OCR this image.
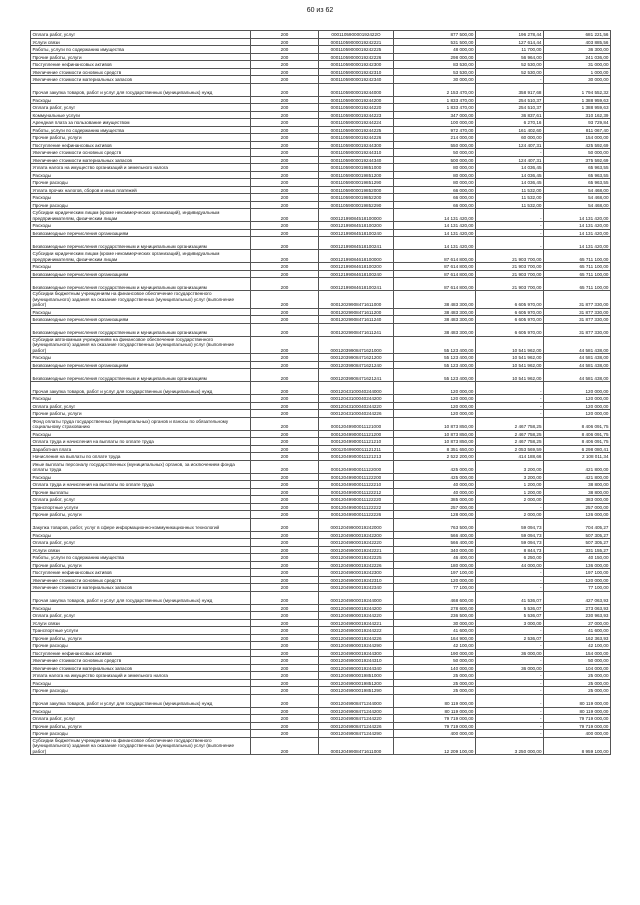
60 из 62
Оплата работ, услуг	200	000110590000192422О	877 500,00	196 278,44	681 221,56
Услуги связи	200	00011059000019242221	531 500,00	127 614,44	403 885,56
Работы, услуги по содержанию имущества	200	00011059000019242225	48 000,00	11 700,00	36 300,00
Прочие работы, услуги	200	00011059000019242226	298 000,00	56 964,00	241 036,00
Поступление нефинансовых активов	200	00011059000019242300	83 530,00	52 530,00	31 000,00
Увеличение стоимости основных средств	200	00011059000019242310	53 530,00	52 530,00	1 000,00
Увеличение стоимости материальных запасов	200	00011059000019242340	30 000,00	-	30 000,00
Прочая закупка товаров, работ и услуг для государственных (муниципальных) нужд	200	00011059000019244000	2 153 470,00	358 917,68	1 794 552,32
Расходы	200	00011059000019244200	1 833 470,00	254 510,37	1 388 959,63
Оплата работ, услуг	200	00011059000019244220	1 833 470,00	254 510,37	1 388 959,63
Коммунальные услуги	200	00011059000019244223	347 000,00	36 837,61	310 162,39
Арендная плата за пользование имуществом	200	00011059000019244224	100 000,00	6 270,16	93 729,84
Работы, услуги по содержанию имущества	200	00011059000019244225	972 470,00	161 402,60	811 067,40
Прочие работы, услуги	200	00011059000019244226	214 000,00	60 000,00	154 000,00
Поступление нефинансовых активов	200	00011059000019244300	550 000,00	124 407,31	425 592,69
Увеличение стоимости основных средств	200	00011059000019244310	50 000,00	-	50 000,00
Увеличение стоимости материальных запасов	200	00011059000019244340	500 000,00	124 407,31	375 592,69
Уплата налога на имущество организаций и земельного налога	200	00011059000019851000	80 000,00	14 036,45	65 963,55
Расходы	200	00011059000019851200	80 000,00	14 036,45	65 963,55
Прочие расходы	200	00011059000019851290	80 000,00	14 036,45	65 963,55
Уплата прочих налогов, сборов и иных платежей	200	00011059000019852000	66 000,00	11 532,00	54 468,00
Расходы	200	00011059000019852200	66 000,00	11 532,00	54 468,00
Прочие расходы	200	00011059000019852290	66 000,00	11 532,00	54 468,00
Субсидии юридическим лицам (кроме некоммерческих организаций), индивидуальным предпринимателям, физическим лицам	200	00012199084518100000	14 131 420,00	-	14 131 420,00
Расходы	200	00012199084518100200	14 131 420,00	-	14 131 420,00
Безвозмездные перечисления организациям	200	00012199084518100240	14 131 420,00	-	14 131 420,00
Безвозмездные перечисления государственным и муниципальным организациям	200	00012199084518100241	14 131 420,00	-	14 131 420,00
Субсидии юридическим лицам (кроме некоммерческих организаций), индивидуальным предпринимателям, физическим лицам	200	00012199084618100000	87 614 800,00	21 903 700,00	65 711 100,00
Расходы	200	00012199084618100200	87 614 800,00	21 903 700,00	65 711 100,00
Безвозмездные перечисления организациям	200	00012199084618100240	87 614 800,00	21 903 700,00	65 711 100,00
Безвозмездные перечисления государственным и муниципальным организациям	200	00012199084618100241	87 614 800,00	21 903 700,00	65 711 100,00
Субсидии бюджетным учреждениям на финансовое обеспечение государственного (муниципального) задания на оказание государственных (муниципальных) услуг (выполнение работ)	200	00012029908471611000	38 483 300,00	6 605 970,00	31 877 330,00
Расходы	200	00012029908471611200	38 483 300,00	6 605 970,00	31 877 330,00
Безвозмездные перечисления организациям	200	00012029908471611240	38 483 300,00	6 605 970,00	31 877 330,00
Безвозмездные перечисления государственным и муниципальным организациям	200	00012029908471611241	38 483 300,00	6 605 970,00	31 877 330,00
Субсидии автономным учреждениям на финансовое обеспечение государственного (муниципального) задания на оказание государственных (муниципальных) услуг (выполнение работ)	200	00012039908471621000	55 123 400,00	10 541 962,00	44 581 438,00
Расходы	200	00012039908471621200	55 123 400,00	10 541 962,00	44 581 438,00
Безвозмездные перечисления организациям	200	00012039908471621240	55 123 400,00	10 541 962,00	44 581 438,00
Безвозмездные перечисления государственным и муниципальным организациям	200	00012039908471621241	55 123 400,00	10 541 962,00	44 581 438,00
Прочая закупка товаров, работ и услуг для государственных (муниципальных) нужд	200	00012043100040244000	120 000,00	-	120 000,00
Расходы	200	00012043100040244200	120 000,00	-	120 000,00
Оплата работ, услуг	200	00012043100040244220	120 000,00	-	120 000,00
Прочие работы, услуги	200	00012043100040244226	120 000,00	-	120 000,00
Фонд оплаты труда государственных (муниципальных) органов и взносы по обязательному социальному страхованию	200	00012049900011121000	10 873 850,00	2 467 758,25	8 406 091,75
Расходы	200	00012049900011121200	10 873 850,00	2 467 758,25	8 406 091,75
Оплата труда и начисления на выплаты по оплате труда	200	00012049900011121210	10 873 850,00	2 467 758,25	8 406 091,75
Заработная плата	200	00012049900011121211	8 351 650,00	2 053 569,59	6 298 080,41
Начисления на выплаты по оплате труда	200	00012049900011121213	2 522 200,00	414 188,66	2 108 011,34
Иные выплаты персоналу государственных (муниципальных) органов, за исключением фонда оплаты труда	200	00012049900011122000	425 000,00	3 200,00	421 800,00
Расходы	200	00012049900011122200	425 000,00	3 200,00	421 800,00
Оплата труда и начисления на выплаты по оплате труда	200	00012049900011122210	40 000,00	1 200,00	38 800,00
Прочие выплаты	200	00012049900011122212	40 000,00	1 200,00	38 800,00
Оплата работ, услуг	200	00012049900011122220	385 000,00	2 000,00	383 000,00
Транспортные услуги	200	00012049900011122222	257 000,00	-	257 000,00
Прочие работы, услуги	200	00012049900011122226	128 000,00	2 000,00	126 000,00
Закупка товаров, работ, услуг в сфере информационно-коммуникационных технологий	200	00012049900019242000	763 500,00	59 094,73	704 405,27
Расходы	200	00012049900019242200	566 400,00	59 094,73	507 305,27
Оплата работ, услуг	200	00012049900019242220	566 400,00	59 094,73	507 305,27
Услуги связи	200	00012049900019242221	340 000,00	8 844,73	331 155,27
Работы, услуги по содержанию имущества	200	00012049900019242225	46 400,00	6 250,00	40 150,00
Прочие работы, услуги	200	00012049900019242226	180 000,00	44 000,00	136 000,00
Поступление нефинансовых активов	200	00012049900019242300	197 100,00	-	197 100,00
Увеличение стоимости основных средств	200	00012049900019242310	120 000,00	-	120 000,00
Увеличение стоимости материальных запасов	200	00012049900019242340	77 100,00	-	77 100,00
Прочая закупка товаров, работ и услуг для государственных (муниципальных) нужд	200	00012049900019244000	468 600,00	41 536,07	427 063,93
Расходы	200	00012049900019244200	278 600,00	5 536,07	273 063,93
Оплата работ, услуг	200	00012049900019244220	236 500,00	5 536,07	230 963,93
Услуги связи	200	00012049900019244221	30 000,00	3 000,00	27 000,00
Транспортные услуги	200	00012049900019244222	41 600,00	-	41 600,00
Прочие работы, услуги	200	00012049900019244226	164 900,00	2 536,07	162 363,93
Прочие расходы	200	00012049900019244290	42 100,00	-	42 100,00
Поступление нефинансовых активов	200	00012049900019244300	190 000,00	36 000,00	154 000,00
Увеличение стоимости основных средств	200	00012049900019244310	50 000,00	-	50 000,00
Увеличение стоимости материальных запасов	200	00012049900019244340	140 000,00	36 000,00	104 000,00
Уплата налога на имущество организаций и земельного налога	200	00012049900019851000	25 000,00	-	25 000,00
Расходы	200	00012049900019851200	25 000,00	-	25 000,00
Прочие расходы	200	00012049900019851290	25 000,00	-	25 000,00
Прочая закупка товаров, работ и услуг для государственных (муниципальных) нужд	200	00012049908471244000	80 119 000,00	-	80 119 000,00
Расходы	200	00012049908471244200	80 119 000,00	-	80 119 000,00
Оплата работ, услуг	200	00012049908471244220	79 719 000,00	-	79 719 000,00
Прочие работы, услуги	200	00012049908471244226	79 719 000,00	-	79 719 000,00
Прочие расходы	200	00012049908471244290	400 000,00	-	400 000,00
Субсидии бюджетным учреждениям на финансовое обеспечение государственного (муниципального) задания на оказание государственных (муниципальных) услуг (выполнение работ)	200	00012049908471611000	12 209 100,00	3 250 000,00	8 959 100,00
